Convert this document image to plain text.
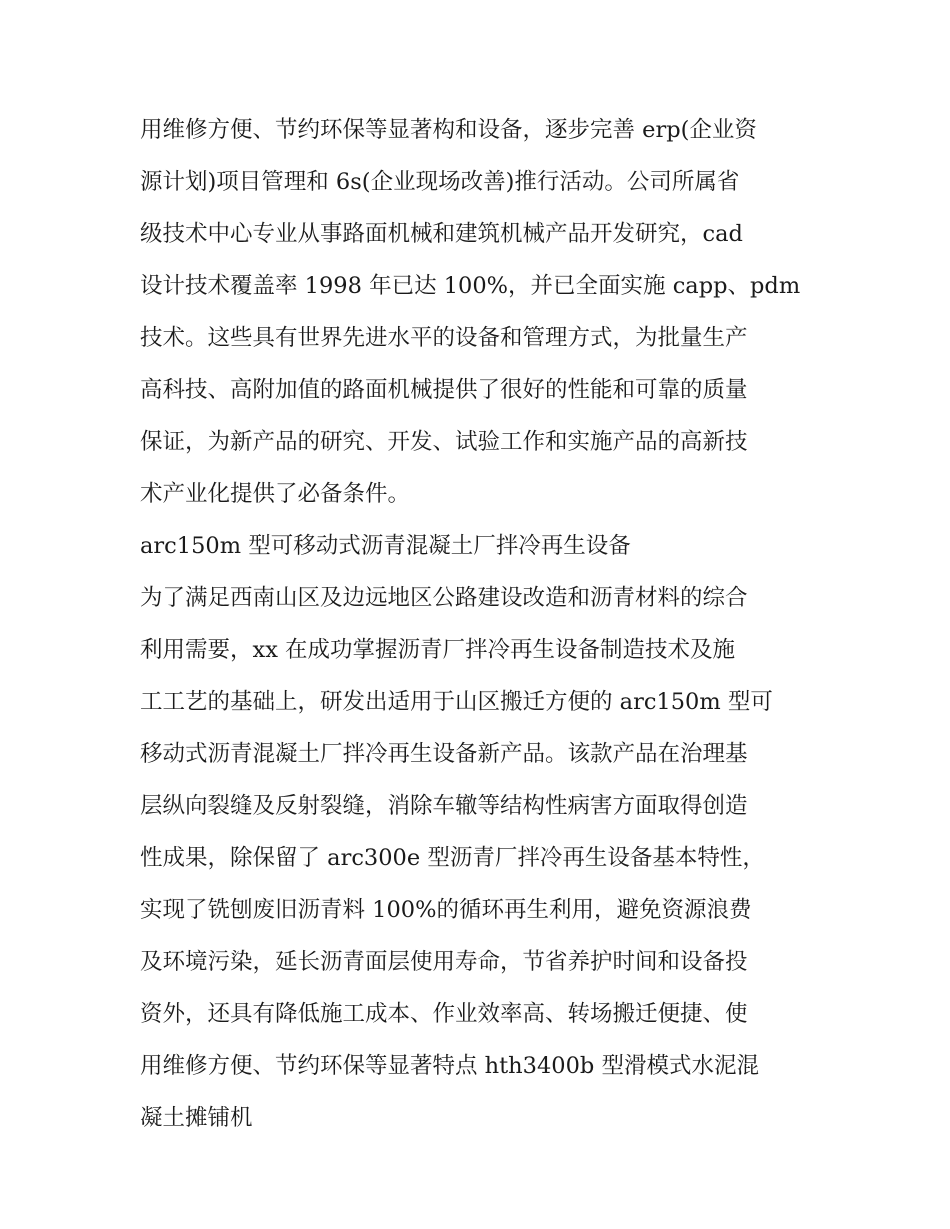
用维修方便、节约环保等显著构和设备，逐步完善 erp(企业资
源计划)项目管理和 6s(企业现场改善)推行活动。公司所属省
级技术中心专业从事路面机械和建筑机械产品开发研究，cad
设计技术覆盖率 1998 年已达 100%，并已全面实施 capp、pdm
技术。这些具有世界先进水平的设备和管理方式，为批量生产
高科技、高附加值的路面机械提供了很好的性能和可靠的质量
保证，为新产品的研究、开发、试验工作和实施产品的高新技
术产业化提供了必备条件。
arc150m 型可移动式沥青混凝土厂拌冷再生设备
为了满足西南山区及边远地区公路建设改造和沥青材料的综合
利用需要，xx 在成功掌握沥青厂拌冷再生设备制造技术及施
工工艺的基础上，研发出适用于山区搬迁方便的 arc150m 型可
移动式沥青混凝土厂拌冷再生设备新产品。该款产品在治理基
层纵向裂缝及反射裂缝，消除车辙等结构性病害方面取得创造
性成果，除保留了 arc300e 型沥青厂拌冷再生设备基本特性，
实现了铣刨废旧沥青料 100%的循环再生利用，避免资源浪费
及环境污染，延长沥青面层使用寿命，节省养护时间和设备投
资外，还具有降低施工成本、作业效率高、转场搬迁便捷、使
用维修方便、节约环保等显著特点 hth3400b 型滑模式水泥混
凝土摊铺机
